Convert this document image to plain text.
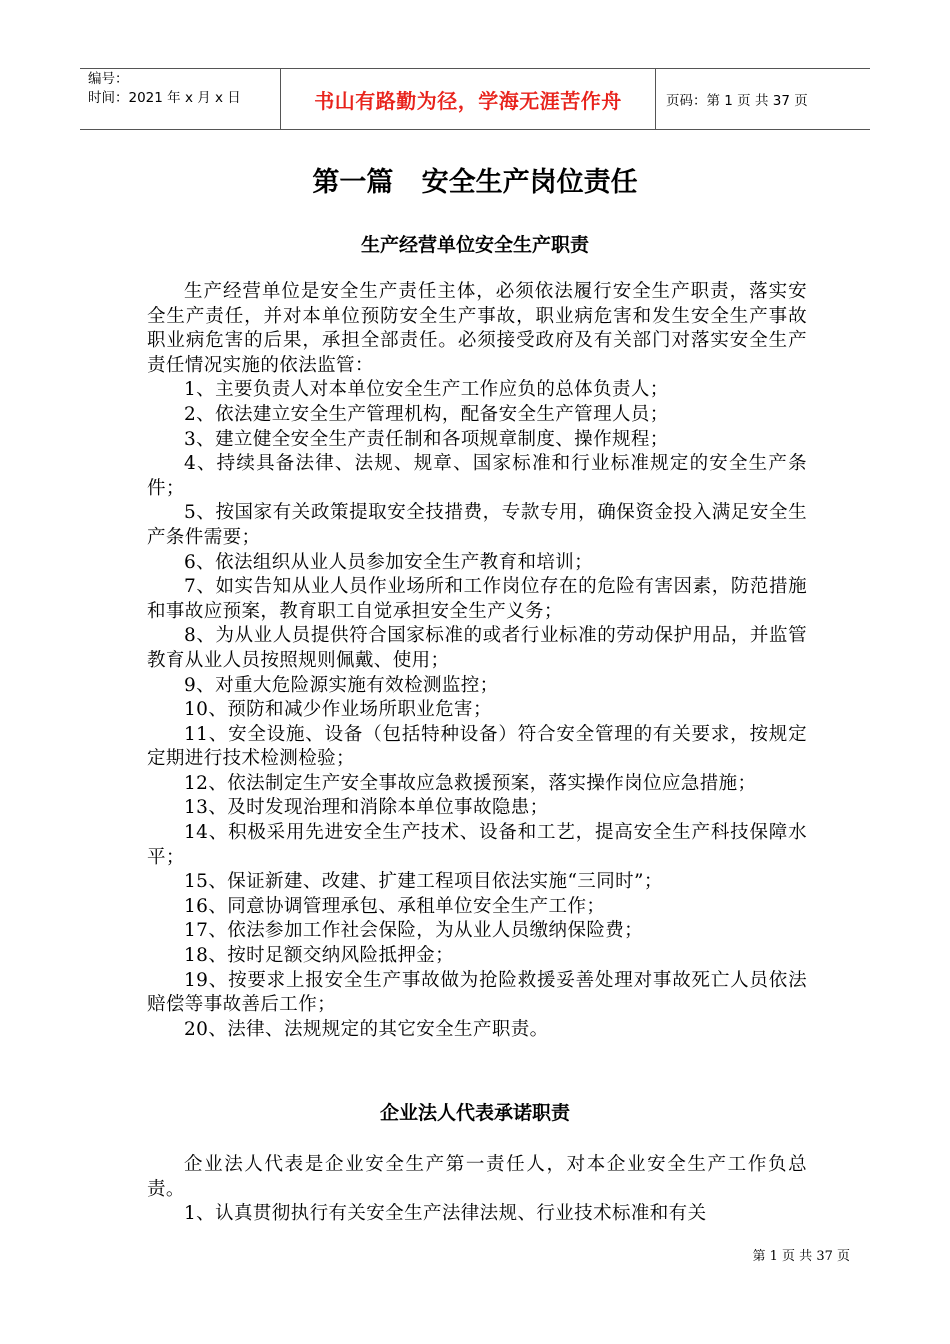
编号：
时间：2021 年 x 月 x 日	书山有路勤为径，学海无涯苦作舟	页码：第 1 页 共 37 页
第一篇   安全生产岗位责任
生产经营单位安全生产职责

生产经营单位是安全生产责任主体，必须依法履行安全生产职责，落实安全生产责任，并对本单位预防安全生产事故，职业病危害和发生安全生产事故职业病危害的后果，承担全部责任。必须接受政府及有关部门对落实安全生产责任情况实施的依法监管：

1、主要负责人对本单位安全生产工作应负的总体负责人；

2、依法建立安全生产管理机构，配备安全生产管理人员；

3、建立健全安全生产责任制和各项规章制度、操作规程；

4、持续具备法律、法规、规章、国家标准和行业标准规定的安全生产条件；

5、按国家有关政策提取安全技措费，专款专用，确保资金投入满足安全生产条件需要；

6、依法组织从业人员参加安全生产教育和培训；

7、如实告知从业人员作业场所和工作岗位存在的危险有害因素，防范措施和事故应预案，教育职工自觉承担安全生产义务；

8、为从业人员提供符合国家标准的或者行业标准的劳动保护用品，并监管教育从业人员按照规则佩戴、使用；

9、对重大危险源实施有效检测监控；

10、预防和减少作业场所职业危害；

11、安全设施、设备（包括特种设备）符合安全管理的有关要求，按规定定期进行技术检测检验；

12、依法制定生产安全事故应急救援预案，落实操作岗位应急措施；

13、及时发现治理和消除本单位事故隐患；

14、积极采用先进安全生产技术、设备和工艺，提高安全生产科技保障水平；

15、保证新建、改建、扩建工程项目依法实施“三同时”；

16、同意协调管理承包、承租单位安全生产工作；

17、依法参加工作社会保险，为从业人员缴纳保险费；

18、按时足额交纳风险抵押金；

19、按要求上报安全生产事故做为抢险救援妥善处理对事故死亡人员依法赔偿等事故善后工作；

20、法律、法规规定的其它安全生产职责。

企业法人代表承诺职责

企业法人代表是企业安全生产第一责任人，对本企业安全生产工作负总责。

1、认真贯彻执行有关安全生产法律法规、行业技术标准和有关

第 1 页 共 37 页
